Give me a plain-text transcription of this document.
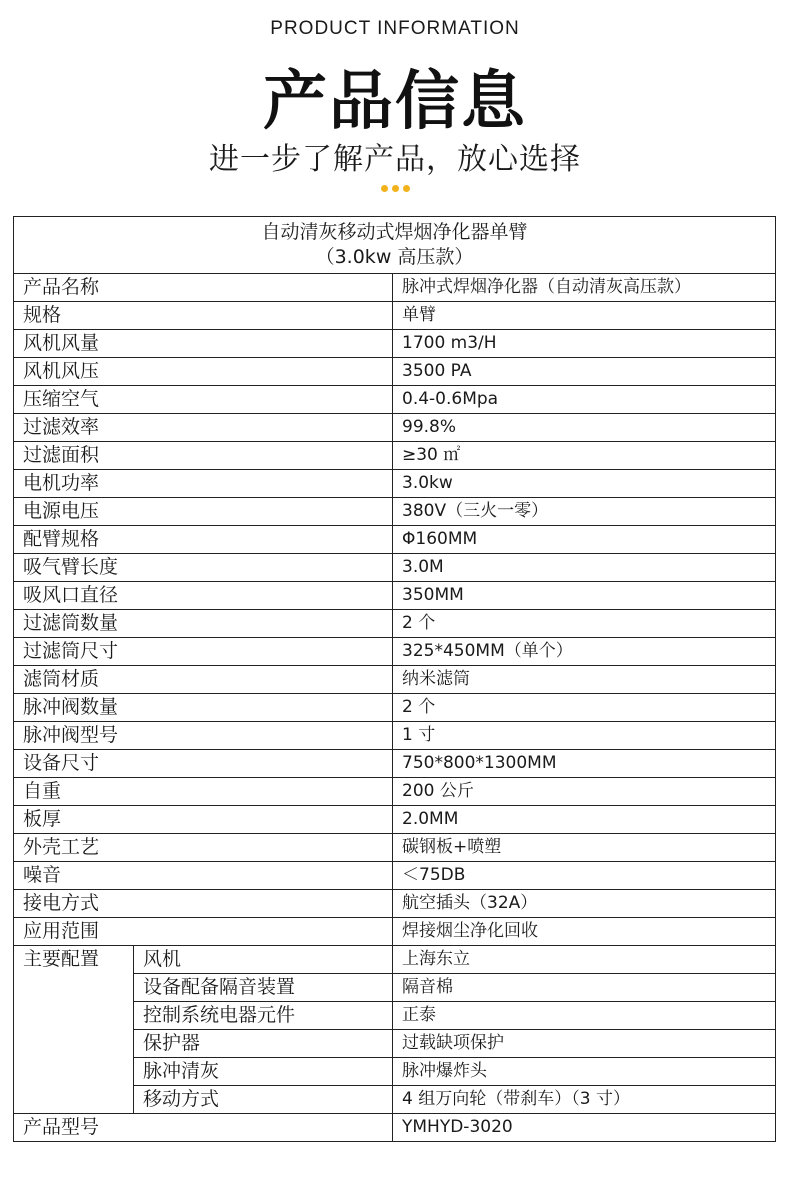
PRODUCT INFORMATION
产品信息
进一步了解产品，放心选择

自动清灰移动式焊烟净化器单臂
（3.0kw 高压款）		

产品名称		脉冲式焊烟净化器（自动清灰高压款）
规格		单臂
风机风量		1700 m3/H
风机风压		3500 PA
压缩空气		0.4-0.6Mpa
过滤效率		99.8%
过滤面积		≥30 ㎡
电机功率		3.0kw
电源电压		380V（三火一零）
配臂规格		Φ160MM
吸气臂长度		3.0M
吸风口直径		350MM
过滤筒数量		2 个
过滤筒尺寸		325*450MM（单个）
滤筒材质		纳米滤筒
脉冲阀数量		2 个
脉冲阀型号		1 寸
设备尺寸		750*800*1300MM
自重		200 公斤
板厚		2.0MM
外壳工艺		碳钢板+喷塑
噪音		＜75DB
接电方式		航空插头（32A）
应用范围		焊接烟尘净化回收
主要配置	风机	上海东立
	设备配备隔音装置	隔音棉
	控制系统电器元件	正泰
	保护器	过载缺项保护
	脉冲清灰	脉冲爆炸头
	移动方式	4 组万向轮（带刹车）（3 寸）
产品型号		YMHYD-3020
